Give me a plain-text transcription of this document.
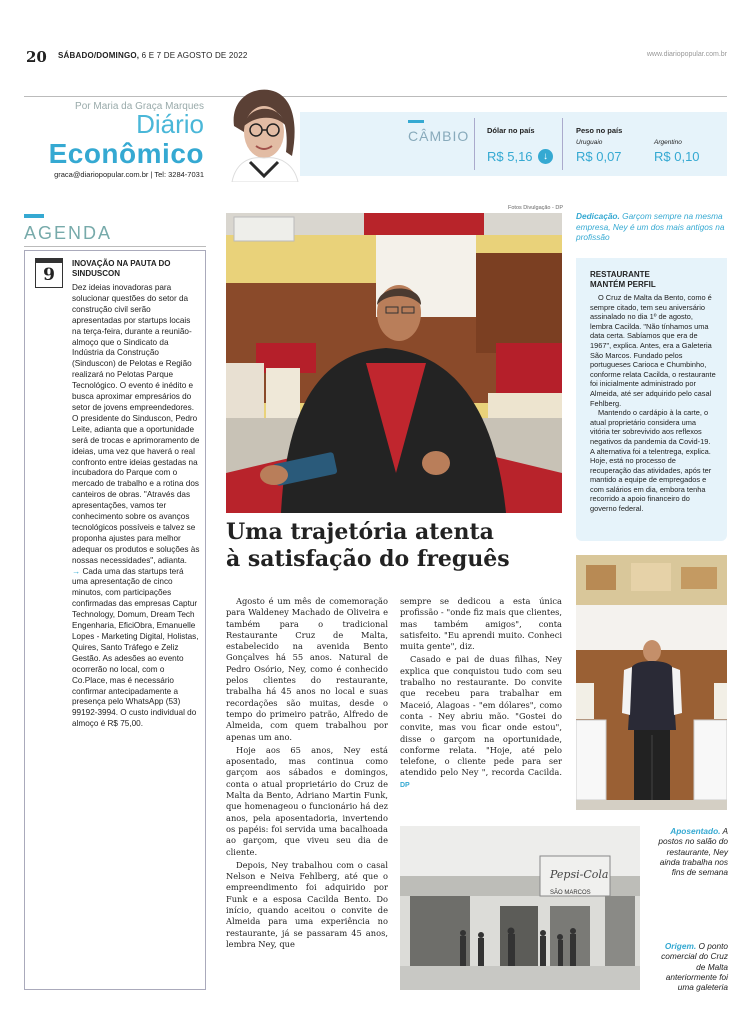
20 SÁBADO/DOMINGO, 6 E 7 DE AGOSTO DE 2022	www.diariopopular.com.br
Por Maria da Graça Marques
Diário
Econômico
graca@diariopopular.com.br | Tel: 3284-7031
CÂMBIO Dólar no país
R$ 5,16	↓
Peso no país
Uruguaio
R$ 0,07
Argentino
R$ 0,10
AGENDA
9
INOVAÇÃO NA PAUTA DO SINDUSCON

Dez ideias inovadoras para solucionar questões do setor da construção civil serão apresentadas por startups locais na terça-feira, durante a reunião-almoço que o Sindicato da Indústria da Construção (Sinduscon) de Pelotas e Região realizará no Pelotas Parque Tecnológico. O evento é inédito e busca aproximar empresários do setor de jovens empreendedores. O presidente do Sinduscon, Pedro Leite, adianta que a oportunidade será de trocas e aprimoramento de ideias, uma vez que haverá o real confronto entre ideias gestadas na incubadora do Parque com o mercado de trabalho e a rotina dos canteiros de obras. "Através das apresentações, vamos ter conhecimento sobre os avanços tecnológicos possíveis e talvez se proponha ajustes para melhor adequar os produtos e soluções às nossas necessidades", adianta.

→ Cada uma das startups terá uma apresentação de cinco minutos, com participações confirmadas das empresas Captur Technology, Domum, Dream Tech Engenharia, EficiObra, Emanuelle Lopes - Marketing Digital, Holistas, Quires, Santo Tráfego e Zeliz Gestão. As adesões ao evento ocorrerão no local, com o Co.Place, mas é necessário confirmar antecipadamente a presença pelo WhatsApp (53) 99192-3994. O custo individual do almoço é R$ 75,00.

Fotos Divulgação - DP
Dedicação. Garçom sempre na mesma empresa, Ney é um dos mais antigos na profissão
RESTAURANTE
MANTÉM PERFIL

O Cruz de Malta da Bento, como é sempre citado, tem seu aniversário assinalado no dia 1º de agosto, lembra Cacilda. "Não tínhamos uma data certa. Sabíamos que era de 1967", explica. Antes, era a Galeteria São Marcos. Fundado pelos portugueses Carioca e Chumbinho, conforme relata Cacilda, o restaurante foi inicialmente administrado por Almeida, até ser adquirido pelo casal Fehlberg.

Mantendo o cardápio à la carte, o atual proprietário considera uma vitória ter sobrevivido aos reflexos negativos da pandemia da Covid-19. A alternativa foi a telentrega, explica. Hoje, está no processo de recuperação das atividades, após ter mantido a equipe de empregados e com salários em dia, embora tenha recorrido a apoio financeiro do governo federal.

Uma trajetória atenta
à satisfação do freguês

Agosto é um mês de comemoração para Waldeney Machado de Oliveira e também para o tradicional Restaurante Cruz de Malta, estabelecido na avenida Bento Gonçalves há 55 anos. Natural de Pedro Osório, Ney, como é conhecido pelos clientes do restaurante, trabalha há 45 anos no local e suas recordações são muitas, desde o tempo do primeiro patrão, Alfredo de Almeida, com quem trabalhou por apenas um ano.

Hoje aos 65 anos, Ney está aposentado, mas continua como garçom aos sábados e domingos, conta o atual proprietário do Cruz de Malta da Bento, Adriano Martin Funk, que homenageou o funcionário há dez anos, pela aposentadoria, invertendo os papéis: foi servida uma bacalhoada ao garçom, que viveu seu dia de cliente.

Depois, Ney trabalhou com o casal Nelson e Neiva Fehlberg, até que o empreendimento foi adquirido por Funk e a esposa Cacilda Bento. Do início, quando aceitou o convite de Almeida para uma experiência no restaurante, já se passaram 45 anos, lembra Ney, que

sempre se dedicou a esta única profissão - "onde fiz mais que clientes, mas também amigos", conta satisfeito. "Eu aprendi muito. Conheci muita gente", diz.

Casado e pai de duas filhas, Ney explica que conquistou tudo com seu trabalho no restaurante. Do convite que recebeu para trabalhar em Maceió, Alagoas - "em dólares", como conta - Ney abriu mão. "Gostei do convite, mas vou ficar onde estou", disse o garçom na oportunidade, conforme relata. "Hoje, até pelo telefone, o cliente pede para ser atendido pelo Ney ", recorda Cacilda. DP

Pepsi-Cola
SÃO MARCOS
Aposentado. A postos no salão do restaurante, Ney ainda trabalha nos fins de semana
Origem. O ponto comercial do Cruz de Malta anteriormente foi uma galeteria
